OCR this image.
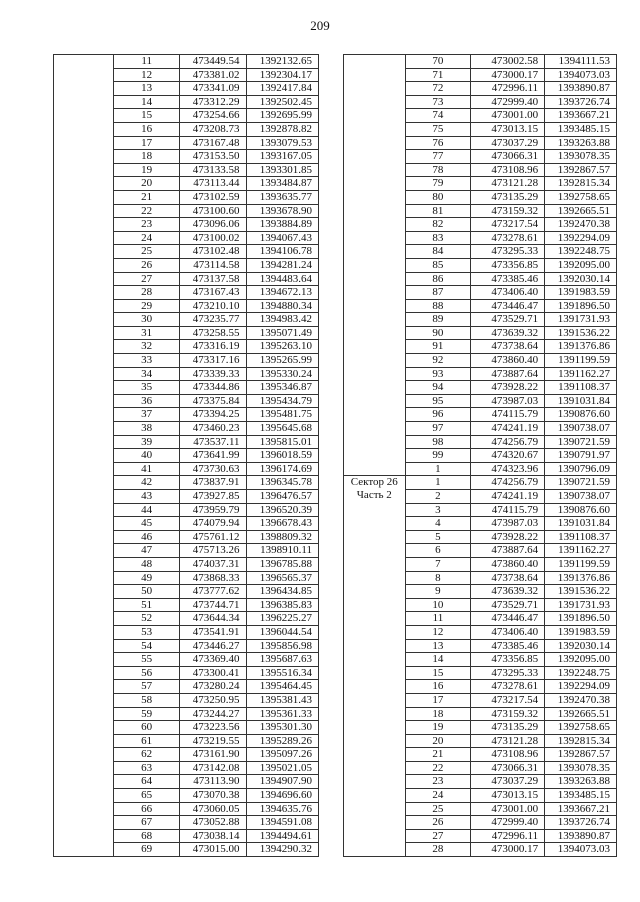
209
	11	473449.54	1392132.65
	12	473381.02	1392304.17
	13	473341.09	1392417.84
	14	473312.29	1392502.45
	15	473254.66	1392695.99
	16	473208.73	1392878.82
	17	473167.48	1393079.53
	18	473153.50	1393167.05
	19	473133.58	1393301.85
	20	473113.44	1393484.87
	21	473102.59	1393635.77
	22	473100.60	1393678.90
	23	473096.06	1393884.89
	24	473100.02	1394067.43
	25	473102.48	1394106.78
	26	473114.58	1394281.24
	27	473137.58	1394483.64
	28	473167.43	1394672.13
	29	473210.10	1394880.34
	30	473235.77	1394983.42
	31	473258.55	1395071.49
	32	473316.19	1395263.10
	33	473317.16	1395265.99
	34	473339.33	1395330.24
	35	473344.86	1395346.87
	36	473375.84	1395434.79
	37	473394.25	1395481.75
	38	473460.23	1395645.68
	39	473537.11	1395815.01
	40	473641.99	1396018.59
	41	473730.63	1396174.69
	42	473837.91	1396345.78
	43	473927.85	1396476.57
	44	473959.79	1396520.39
	45	474079.94	1396678.43
	46	475761.12	1398809.32
	47	475713.26	1398910.11
	48	474037.31	1396785.88
	49	473868.33	1396565.37
	50	473777.62	1396434.85
	51	473744.71	1396385.83
	52	473644.34	1396225.27
	53	473541.91	1396044.54
	54	473446.27	1395856.98
	55	473369.40	1395687.63
	56	473300.41	1395516.34
	57	473280.24	1395464.45
	58	473250.95	1395381.43
	59	473244.27	1395361.33
	60	473223.56	1395301.30
	61	473219.55	1395289.26
	62	473161.90	1395097.26
	63	473142.08	1395021.05
	64	473113.90	1394907.90
	65	473070.38	1394696.60
	66	473060.05	1394635.76
	67	473052.88	1394591.08
	68	473038.14	1394494.61
	69	473015.00	1394290.32
	70	473002.58	1394111.53
	71	473000.17	1394073.03
	72	472996.11	1393890.87
	73	472999.40	1393726.74
	74	473001.00	1393667.21
	75	473013.15	1393485.15
	76	473037.29	1393263.88
	77	473066.31	1393078.35
	78	473108.96	1392867.57
	79	473121.28	1392815.34
	80	473135.29	1392758.65
	81	473159.32	1392665.51
	82	473217.54	1392470.38
	83	473278.61	1392294.09
	84	473295.33	1392248.75
	85	473356.85	1392095.00
	86	473385.46	1392030.14
	87	473406.40	1391983.59
	88	473446.47	1391896.50
	89	473529.71	1391731.93
	90	473639.32	1391536.22
	91	473738.64	1391376.86
	92	473860.40	1391199.59
	93	473887.64	1391162.27
	94	473928.22	1391108.37
	95	473987.03	1391031.84
	96	474115.79	1390876.60
	97	474241.19	1390738.07
	98	474256.79	1390721.59
	99	474320.67	1390791.97
	1	474323.96	1390796.09
Сектор 26
Часть 2	1	474256.79	1390721.59
	2	474241.19	1390738.07
	3	474115.79	1390876.60
	4	473987.03	1391031.84
	5	473928.22	1391108.37
	6	473887.64	1391162.27
	7	473860.40	1391199.59
	8	473738.64	1391376.86
	9	473639.32	1391536.22
	10	473529.71	1391731.93
	11	473446.47	1391896.50
	12	473406.40	1391983.59
	13	473385.46	1392030.14
	14	473356.85	1392095.00
	15	473295.33	1392248.75
	16	473278.61	1392294.09
	17	473217.54	1392470.38
	18	473159.32	1392665.51
	19	473135.29	1392758.65
	20	473121.28	1392815.34
	21	473108.96	1392867.57
	22	473066.31	1393078.35
	23	473037.29	1393263.88
	24	473013.15	1393485.15
	25	473001.00	1393667.21
	26	472999.40	1393726.74
	27	472996.11	1393890.87
	28	473000.17	1394073.03
